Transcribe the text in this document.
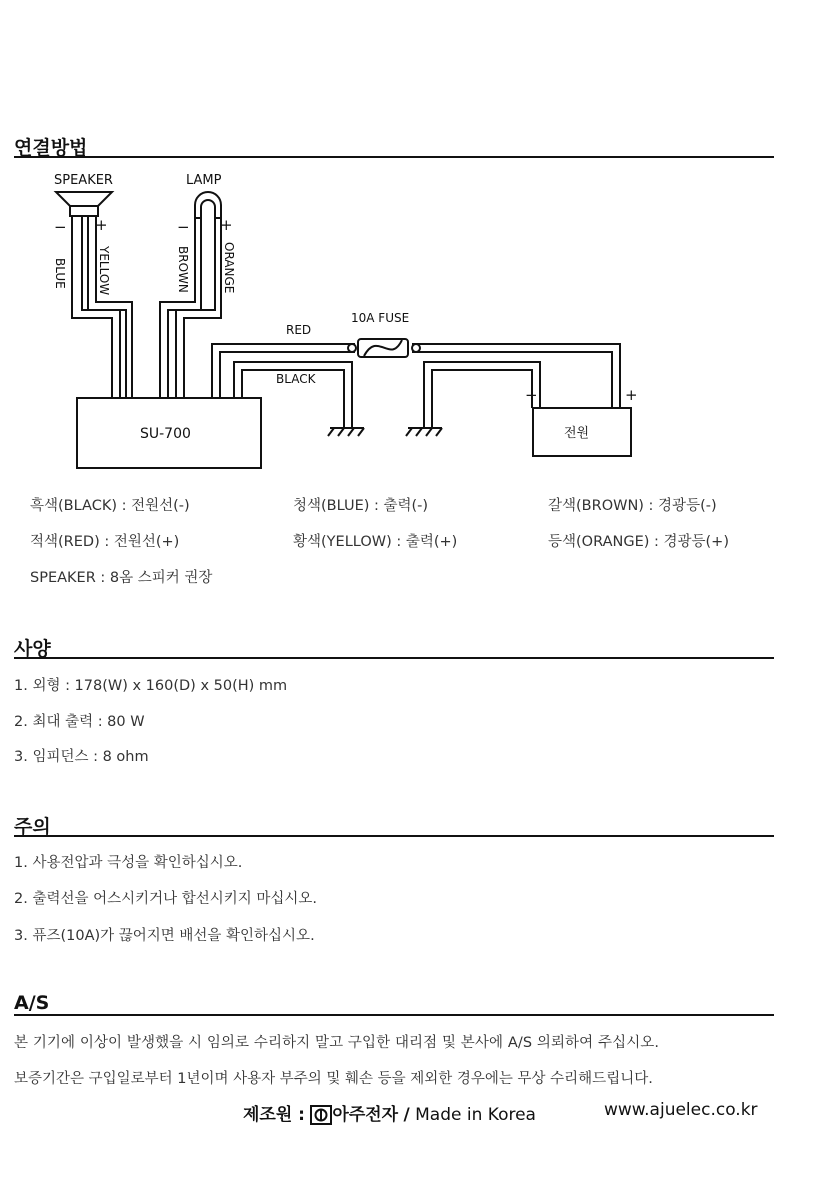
연결방법
SPEAKER	LAMP
− +	− +
BLUE	YELLOW	BROWN	ORANGE
RED
BLACK
10A FUSE
SU-700	전원
−	+
흑색(BLACK) : 전원선(-)	청색(BLUE) : 출력(-)	갈색(BROWN) : 경광등(-)
적색(RED) : 전원선(+)	황색(YELLOW) : 출력(+)	등색(ORANGE) : 경광등(+)
SPEAKER : 8옴 스피커 권장
사양
1. 외형 : 178(W) x 160(D) x 50(H) mm
2. 최대 출력 : 80 W
3. 임피던스 : 8 ohm
주의
1. 사용전압과 극성을 확인하십시오.
2. 출력선을 어스시키거나 합선시키지 마십시오.
3. 퓨즈(10A)가 끊어지면 배선을 확인하십시오.
A/S
본 기기에 이상이 발생했을 시 임의로 수리하지 말고 구입한 대리점 및 본사에 A/S 의뢰하여 주십시오.
보증기간은 구입일로부터 1년이며 사용자 부주의 및 훼손 등을 제외한 경우에는 무상 수리해드립니다.
제조원 : 아주전자 / Made in Korea	www.ajuelec.co.kr
